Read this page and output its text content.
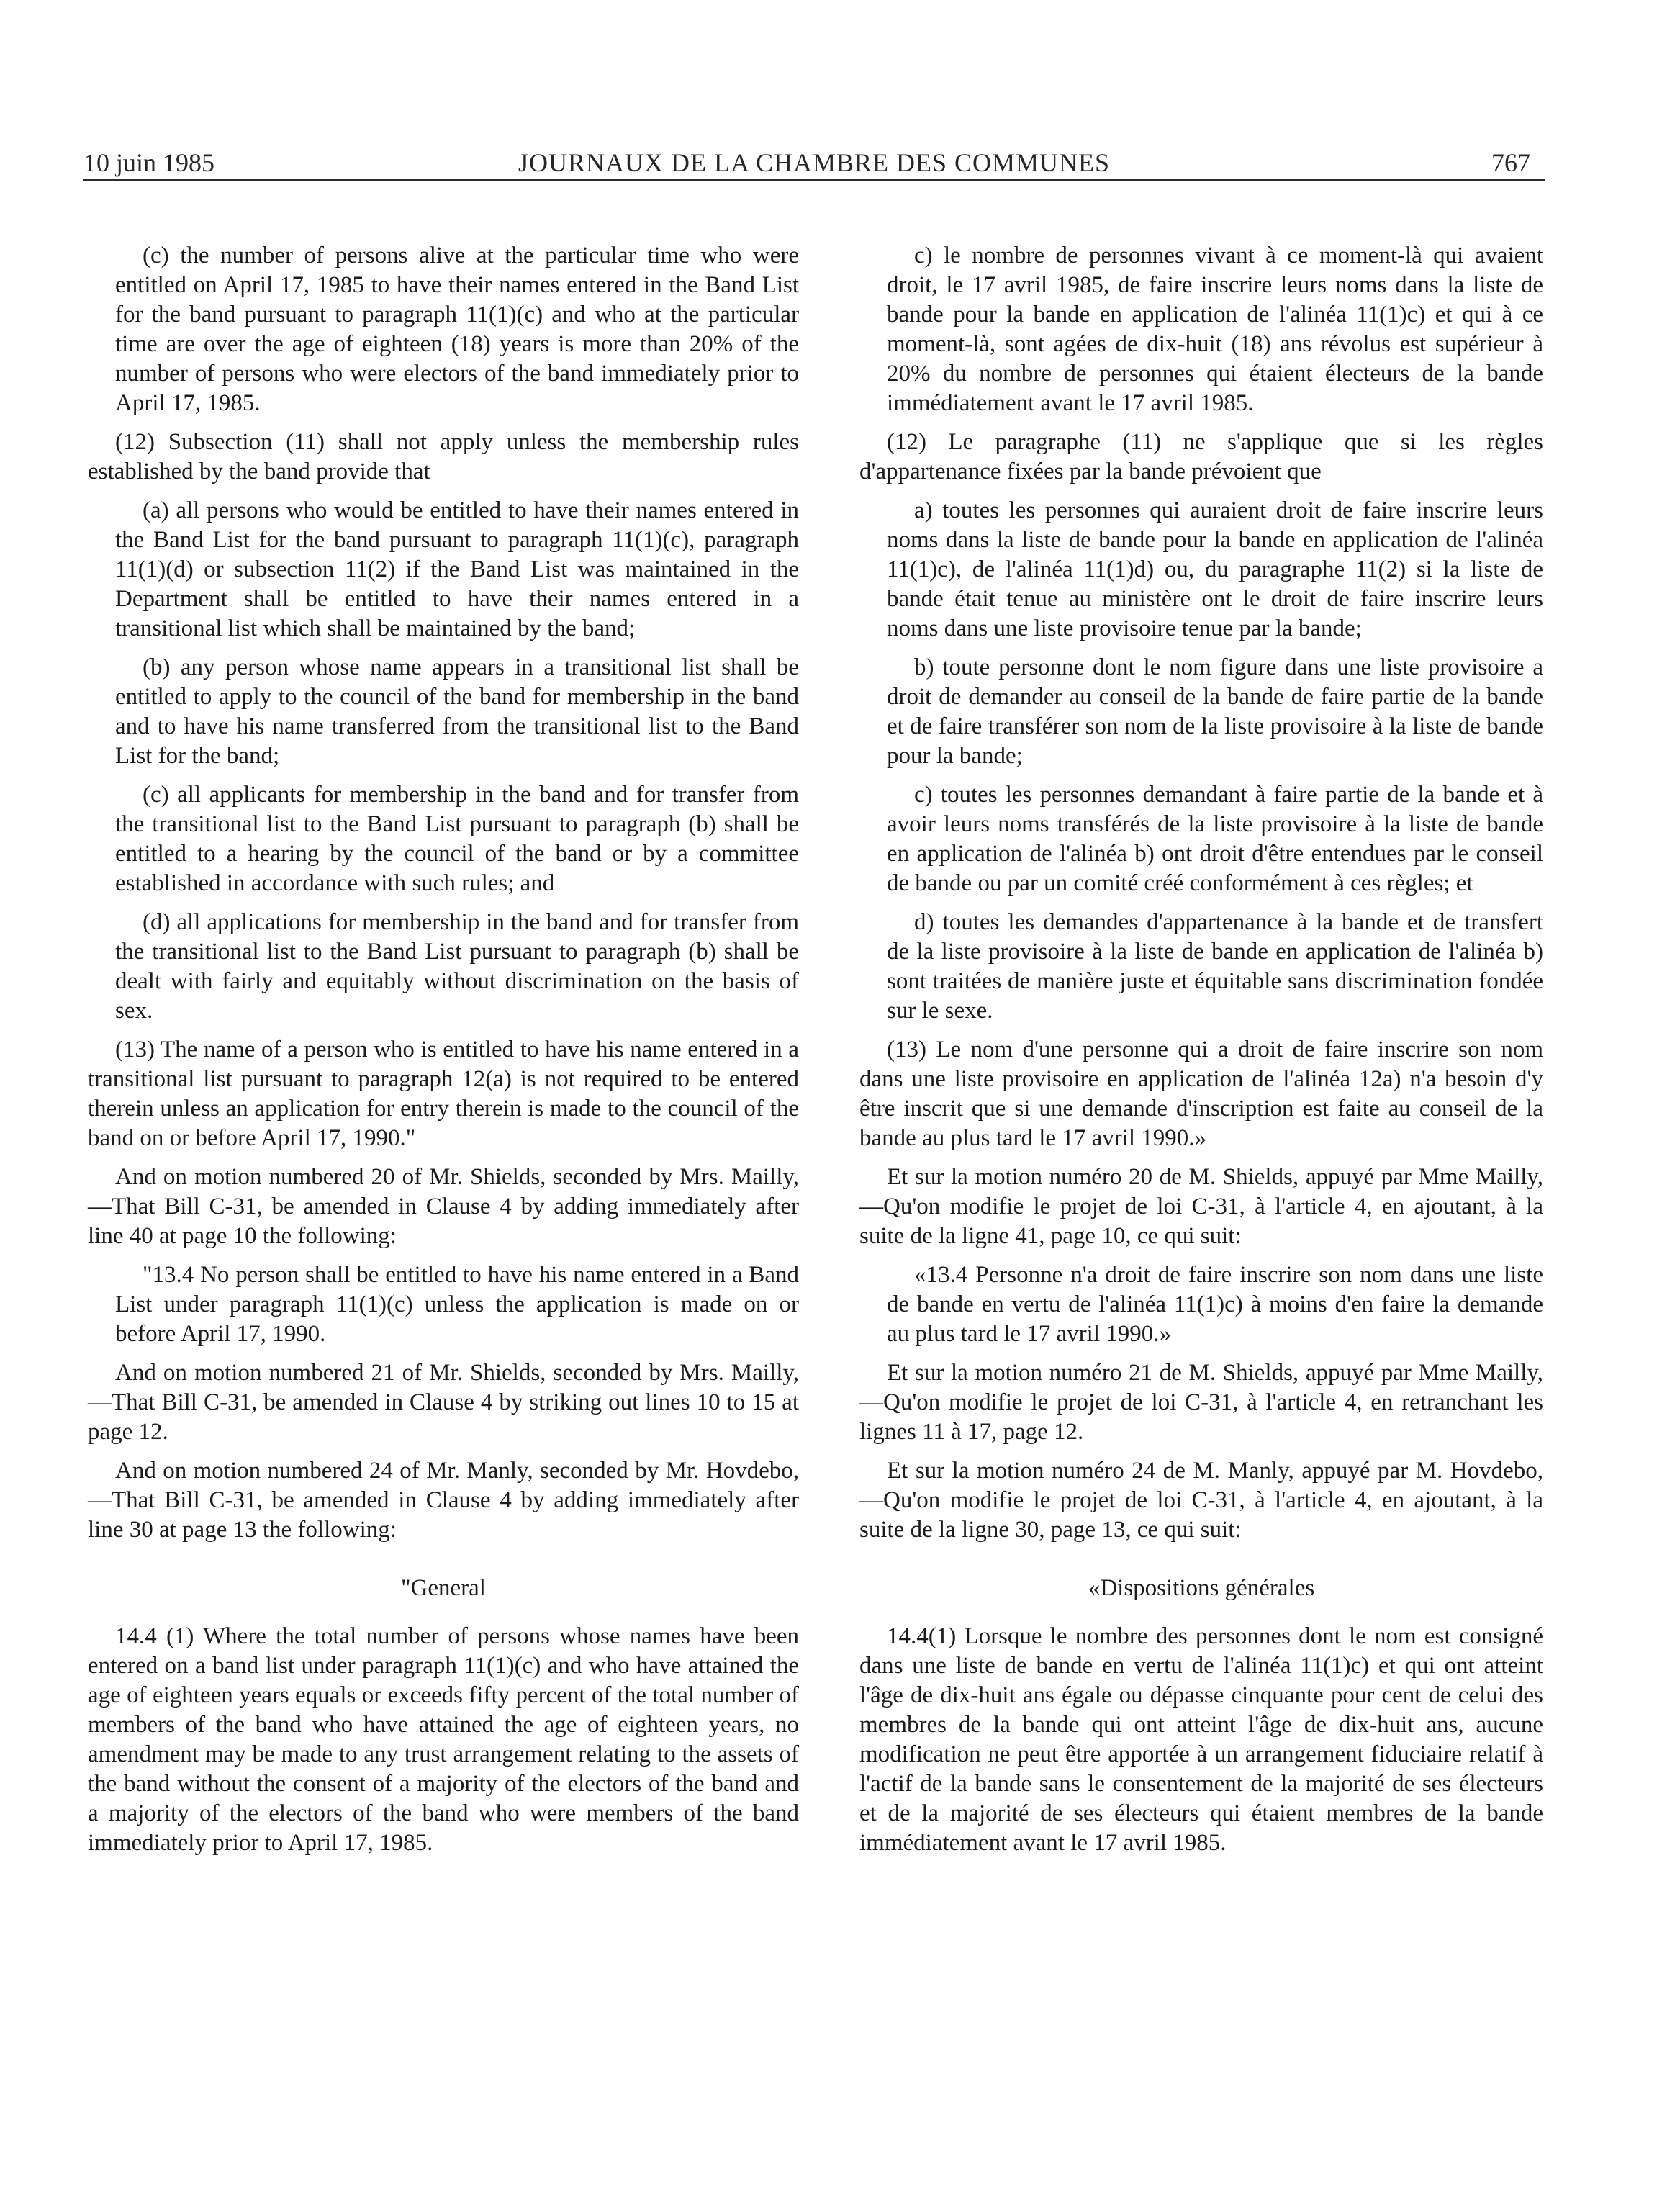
10 juin 1985	JOURNAUX DE LA CHAMBRE DES COMMUNES	767

(c) the number of persons alive at the particular time who were entitled on April 17, 1985 to have their names entered in the Band List for the band pursuant to paragraph 11(1)(c) and who at the particular time are over the age of eighteen (18) years is more than 20% of the number of persons who were electors of the band immediately prior to April 17, 1985.

(12) Subsection (11) shall not apply unless the membership rules established by the band provide that

(a) all persons who would be entitled to have their names entered in the Band List for the band pursuant to paragraph 11(1)(c), paragraph 11(1)(d) or subsection 11(2) if the Band List was maintained in the Department shall be entitled to have their names entered in a transitional list which shall be maintained by the band;

(b) any person whose name appears in a transitional list shall be entitled to apply to the council of the band for membership in the band and to have his name transferred from the transitional list to the Band List for the band;

(c) all applicants for membership in the band and for transfer from the transitional list to the Band List pursuant to paragraph (b) shall be entitled to a hearing by the council of the band or by a committee established in accordance with such rules; and

(d) all applications for membership in the band and for transfer from the transitional list to the Band List pursuant to paragraph (b) shall be dealt with fairly and equitably without discrimination on the basis of sex.

(13) The name of a person who is entitled to have his name entered in a transitional list pursuant to paragraph 12(a) is not required to be entered therein unless an application for entry therein is made to the council of the band on or before April 17, 1990."

And on motion numbered 20 of Mr. Shields, seconded by Mrs. Mailly,—That Bill C-31, be amended in Clause 4 by adding immediately after line 40 at page 10 the following:

"13.4 No person shall be entitled to have his name entered in a Band List under paragraph 11(1)(c) unless the application is made on or before April 17, 1990.

And on motion numbered 21 of Mr. Shields, seconded by Mrs. Mailly,—That Bill C-31, be amended in Clause 4 by striking out lines 10 to 15 at page 12.

And on motion numbered 24 of Mr. Manly, seconded by Mr. Hovdebo,—That Bill C-31, be amended in Clause 4 by adding immediately after line 30 at page 13 the following:

"General

14.4 (1) Where the total number of persons whose names have been entered on a band list under paragraph 11(1)(c) and who have attained the age of eighteen years equals or exceeds fifty percent of the total number of members of the band who have attained the age of eighteen years, no amendment may be made to any trust arrangement relating to the assets of the band without the consent of a majority of the electors of the band and a majority of the electors of the band who were members of the band immediately prior to April 17, 1985.

c) le nombre de personnes vivant à ce moment-là qui avaient droit, le 17 avril 1985, de faire inscrire leurs noms dans la liste de bande pour la bande en application de l'alinéa 11(1)c) et qui à ce moment-là, sont agées de dix-huit (18) ans révolus est supérieur à 20% du nombre de personnes qui étaient électeurs de la bande immédiatement avant le 17 avril 1985.

(12) Le paragraphe (11) ne s'applique que si les règles d'appartenance fixées par la bande prévoient que

a) toutes les personnes qui auraient droit de faire inscrire leurs noms dans la liste de bande pour la bande en application de l'alinéa 11(1)c), de l'alinéa 11(1)d) ou, du paragraphe 11(2) si la liste de bande était tenue au ministère ont le droit de faire inscrire leurs noms dans une liste provisoire tenue par la bande;

b) toute personne dont le nom figure dans une liste provisoire a droit de demander au conseil de la bande de faire partie de la bande et de faire transférer son nom de la liste provisoire à la liste de bande pour la bande;

c) toutes les personnes demandant à faire partie de la bande et à avoir leurs noms transférés de la liste provisoire à la liste de bande en application de l'alinéa b) ont droit d'être entendues par le conseil de bande ou par un comité créé conformément à ces règles; et

d) toutes les demandes d'appartenance à la bande et de transfert de la liste provisoire à la liste de bande en application de l'alinéa b) sont traitées de manière juste et équitable sans discrimination fondée sur le sexe.

(13) Le nom d'une personne qui a droit de faire inscrire son nom dans une liste provisoire en application de l'alinéa 12a) n'a besoin d'y être inscrit que si une demande d'inscription est faite au conseil de la bande au plus tard le 17 avril 1990.»

Et sur la motion numéro 20 de M. Shields, appuyé par Mme Mailly,—Qu'on modifie le projet de loi C-31, à l'article 4, en ajoutant, à la suite de la ligne 41, page 10, ce qui suit:

«13.4 Personne n'a droit de faire inscrire son nom dans une liste de bande en vertu de l'alinéa 11(1)c) à moins d'en faire la demande au plus tard le 17 avril 1990.»

Et sur la motion numéro 21 de M. Shields, appuyé par Mme Mailly,—Qu'on modifie le projet de loi C-31, à l'article 4, en retranchant les lignes 11 à 17, page 12.

Et sur la motion numéro 24 de M. Manly, appuyé par M. Hovdebo,—Qu'on modifie le projet de loi C-31, à l'article 4, en ajoutant, à la suite de la ligne 30, page 13, ce qui suit:

«Dispositions générales

14.4(1) Lorsque le nombre des personnes dont le nom est consigné dans une liste de bande en vertu de l'alinéa 11(1)c) et qui ont atteint l'âge de dix-huit ans égale ou dépasse cinquante pour cent de celui des membres de la bande qui ont atteint l'âge de dix-huit ans, aucune modification ne peut être apportée à un arrangement fiduciaire relatif à l'actif de la bande sans le consentement de la majorité de ses électeurs et de la majorité de ses électeurs qui étaient membres de la bande immédiatement avant le 17 avril 1985.
